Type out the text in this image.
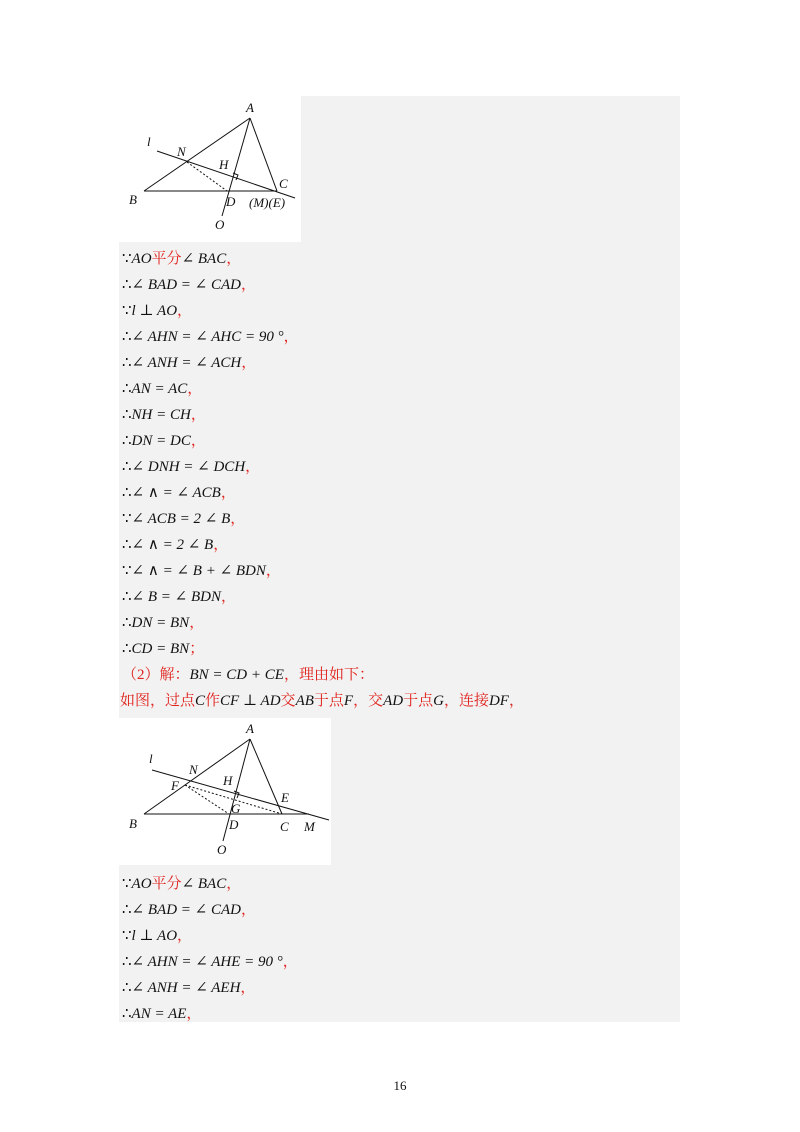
A
l
N
H
C
B	D (M)(E)
O
∵AO平分∠ BAC，
∴∠ BAD = ∠ CAD，
∵l ⊥ AO，
∴∠ AHN = ∠ AHC = 90 °，
∴∠ ANH = ∠ ACH，
∴AN = AC，
∴NH = CH，
∴DN = DC，
∴∠ DNH = ∠ DCH，
∴∠ ∧ = ∠ ACB，
∵∠ ACB = 2 ∠ B，
∴∠ ∧ = 2 ∠ B，
∵∠ ∧ = ∠ B + ∠ BDN，
∴∠ B = ∠ BDN，
∴DN = BN，
∴CD = BN；
（2）解：BN = CD + CE，理由如下：
如图，过点C作CF ⊥ AD交AB于点F，交AD于点G，连接DF，
A
l
N
F	H
E
G
B	D	C M
O
∵AO平分∠ BAC，
∴∠ BAD = ∠ CAD，
∵l ⊥ AO，
∴∠ AHN = ∠ AHE = 90 °，
∴∠ ANH = ∠ AEH，
∴AN = AE，
16
